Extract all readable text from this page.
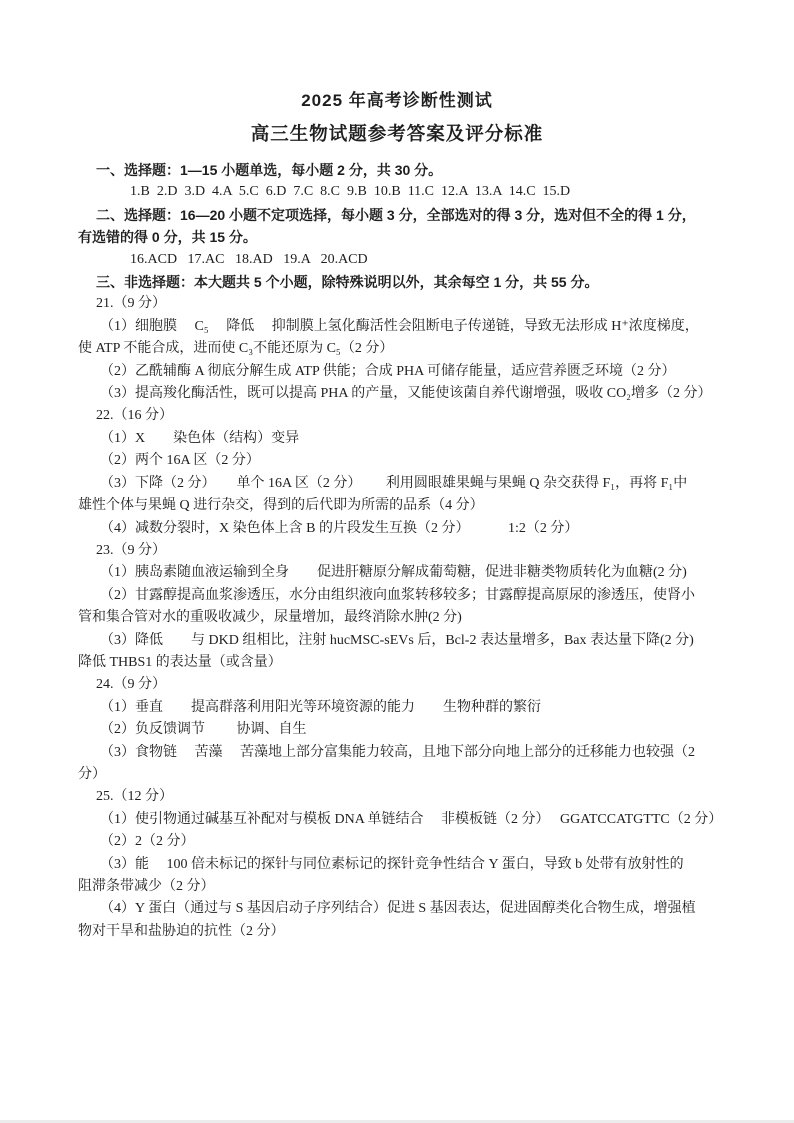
2025 年高考诊断性测试
高三生物试题参考答案及评分标准

一、选择题：1—15 小题单选，每小题 2 分，共 30 分。

1.B  2.D  3.D  4.A  5.C  6.D  7.C  8.C  9.B  10.B  11.C  12.A  13.A  14.C  15.D

二、选择题：16—20 小题不定项选择，每小题 3 分，全部选对的得 3 分，选对但不全的得 1 分，

有选错的得 0 分，共 15 分。

16.ACD   17.AC   18.AD   19.A   20.ACD

三、非选择题：本大题共 5 个小题，除特殊说明以外，其余每空 1 分，共 55 分。

21.（9 分）

（1）细胞膜　 C₅　 降低　 抑制膜上氢化酶活性会阻断电子传递链，导致无法形成 H⁺浓度梯度，

使 ATP 不能合成，进而使 C₃不能还原为 C₅（2 分）

（2）乙酰辅酶 A 彻底分解生成 ATP 供能；合成 PHA 可储存能量，适应营养匮乏环境（2 分）

（3）提高羧化酶活性，既可以提高 PHA 的产量，又能使该菌自养代谢增强，吸收 CO₂增多（2 分）

22.（16 分）

（1）X　　染色体（结构）变异

（2）两个 16A 区（2 分）

（3）下降（2 分）　　单个 16A 区（2 分）　　 利用圆眼雄果蝇与果蝇 Q 杂交获得 F₁，再将 F₁中

雄性个体与果蝇 Q 进行杂交，得到的后代即为所需的品系（4 分）

（4）减数分裂时，X 染色体上含 B 的片段发生互换（2 分）　　　 1:2（2 分）

23.（9 分）

（1）胰岛素随血液运输到全身　　促进肝糖原分解成葡萄糖，促进非糖类物质转化为血糖(2 分)

（2）甘露醇提高血浆渗透压，水分由组织液向血浆转移较多；甘露醇提高原尿的渗透压，使肾小

管和集合管对水的重吸收减少，尿量增加，最终消除水肿(2 分)

（3）降低　　与 DKD 组相比，注射 hucMSC-sEVs 后，Bcl-2 表达量增多，Bax 表达量下降(2 分)

降低 THBS1 的表达量（或含量）

24.（9 分）

（1）垂直　　提高群落利用阳光等环境资源的能力　　生物种群的繁衍

（2）负反馈调节　　 协调、自生

（3）食物链　 苦藻　 苦藻地上部分富集能力较高，且地下部分向地上部分的迁移能力也较强（2

分）

25.（12 分）

（1）使引物通过碱基互补配对与模板 DNA 单链结合　 非模板链（2 分）　 GGATCCATGTTC（2 分）

（2）2（2 分）

（3）能　 100 倍未标记的探针与同位素标记的探针竞争性结合 Y 蛋白，导致 b 处带有放射性的

阻滞条带减少（2 分）

（4）Y 蛋白（通过与 S 基因启动子序列结合）促进 S 基因表达，促进固醇类化合物生成，增强植

物对干旱和盐胁迫的抗性（2 分）
